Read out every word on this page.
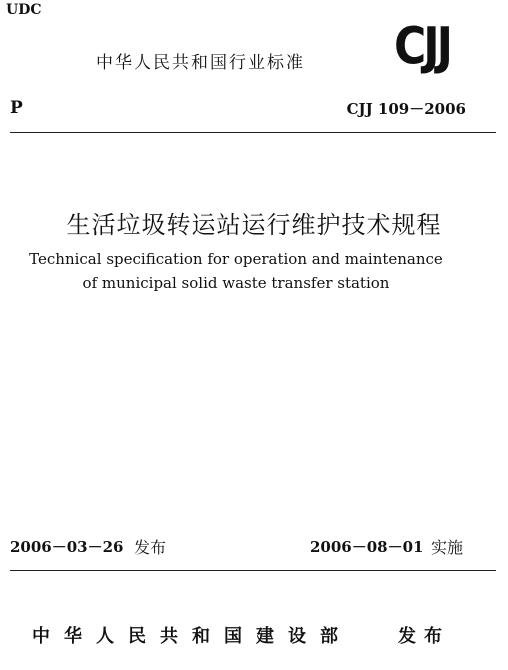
UDC
中华人民共和国行业标准	CJJ
P	CJJ 109－2006
生活垃圾转运站运行维护技术规程
Technical specification for operation and maintenance
of municipal solid waste transfer station
2006－03－26 发布	2006－08－01 实施
中华人民共和国建设部	发布
